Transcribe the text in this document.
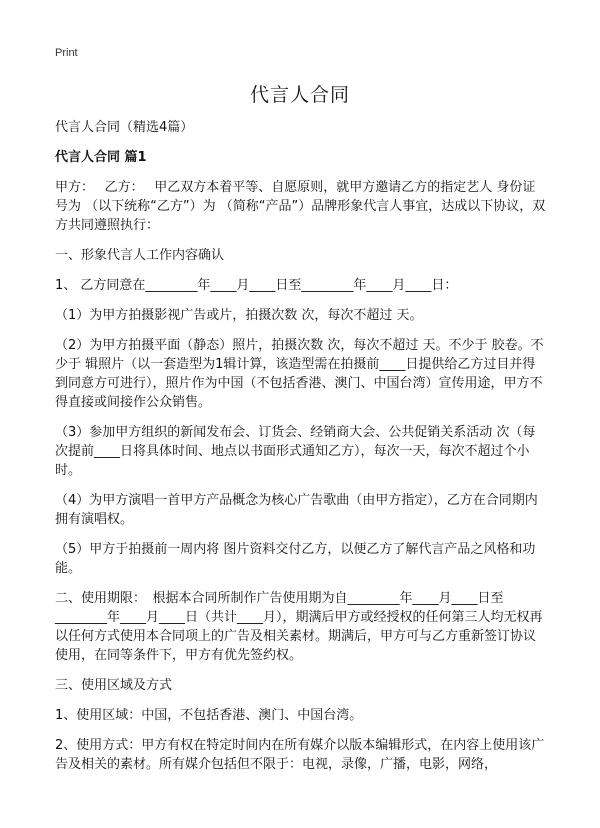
Print
代言人合同

代言人合同（精选4篇）

代言人合同 篇1

甲方：　 乙方：　 甲乙双方本着平等、自愿原则，就甲方邀请乙方的指定艺人 身份证号为 （以下统称“乙方”）为 （简称“产品”）品牌形象代言人事宜，达成以下协议，双方共同遵照执行：

一、形象代言人工作内容确认

1、 乙方同意在________年____月____日至________年____月____日：

（1）为甲方拍摄影视广告或片，拍摄次数 次，每次不超过 天。

（2）为甲方拍摄平面（静态）照片，拍摄次数 次，每次不超过 天。不少于 胶卷。不少于 辑照片（以一套造型为1辑计算，该造型需在拍摄前____日提供给乙方过目并得到同意方可进行），照片作为中国（不包括香港、澳门、中国台湾）宣传用途，甲方不得直接或间接作公众销售。

（3）参加甲方组织的新闻发布会、订货会、经销商大会、公共促销关系活动 次（每次提前____日将具体时间、地点以书面形式通知乙方），每次一天，每次不超过个小时。

（4）为甲方演唱一首甲方产品概念为核心广告歌曲（由甲方指定），乙方在合同期内拥有演唱权。

（5）甲方于拍摄前一周内将 图片资料交付乙方，以便乙方了解代言产品之风格和功能。

二、使用期限：　根据本合同所制作广告使用期为自________年____月____日至________年____月____日（共计____月），期满后甲方或经授权的任何第三人均无权再以任何方式使用本合同项上的广告及相关素材。期满后，甲方可与乙方重新签订协议使用，在同等条件下，甲方有优先签约权。

三、使用区域及方式

1、使用区域：中国，不包括香港、澳门、中国台湾。

2、使用方式：甲方有权在特定时间内在所有媒介以版本编辑形式，在内容上使用该广告及相关的素材。所有媒介包括但不限于：电视，录像，广播，电影，网络，
